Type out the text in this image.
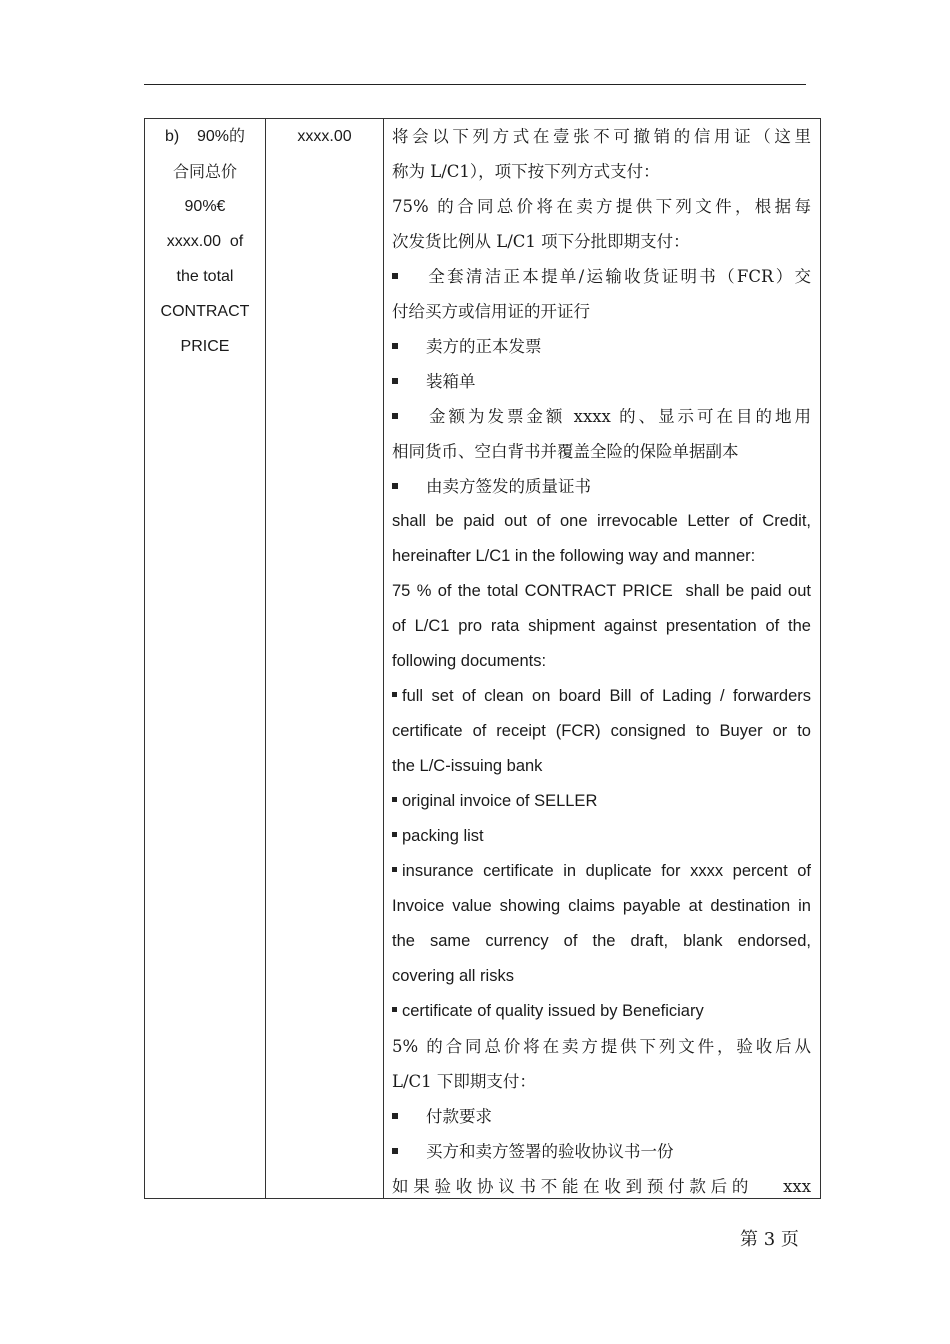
b)    90%的
合同总价
90%€
xxxx.00  of
the total
CONTRACT
PRICE
xxxx.00	将会以下列方式在壹张不可撤销的信用证（这里
称为 L/C1），项下按下列方式支付：
75% 的合同总价将在卖方提供下列文件，根据每
次发货比例从 L/C1 项下分批即期支付：
全套清洁正本提单/运输收货证明书（FCR）交
付给买方或信用证的开证行
卖方的正本发票
装箱单
金额为发票金额 xxxx 的、显示可在目的地用
相同货币、空白背书并覆盖全险的保险单据副本
由卖方签发的质量证书
shall be paid out of one irrevocable Letter of Credit,
hereinafter L/C1 in the following way and manner:
75 % of the total CONTRACT PRICE  shall be paid out
of L/C1 pro rata shipment against presentation of the
following documents:
full set of clean on board Bill of Lading / forwarders
certificate of receipt (FCR) consigned to Buyer or to
the L/C-issuing bank
original invoice of SELLER
packing list
insurance certificate in duplicate for xxxx percent of
Invoice value showing claims payable at destination in
the same currency of the draft, blank endorsed,
covering all risks
certificate of quality issued by Beneficiary
5% 的合同总价将在卖方提供下列文件，验收后从
L/C1 下即期支付：
付款要求
买方和卖方签署的验收协议书一份
如果验收协议书不能在收到预付款后的   xxx
第 3 页
